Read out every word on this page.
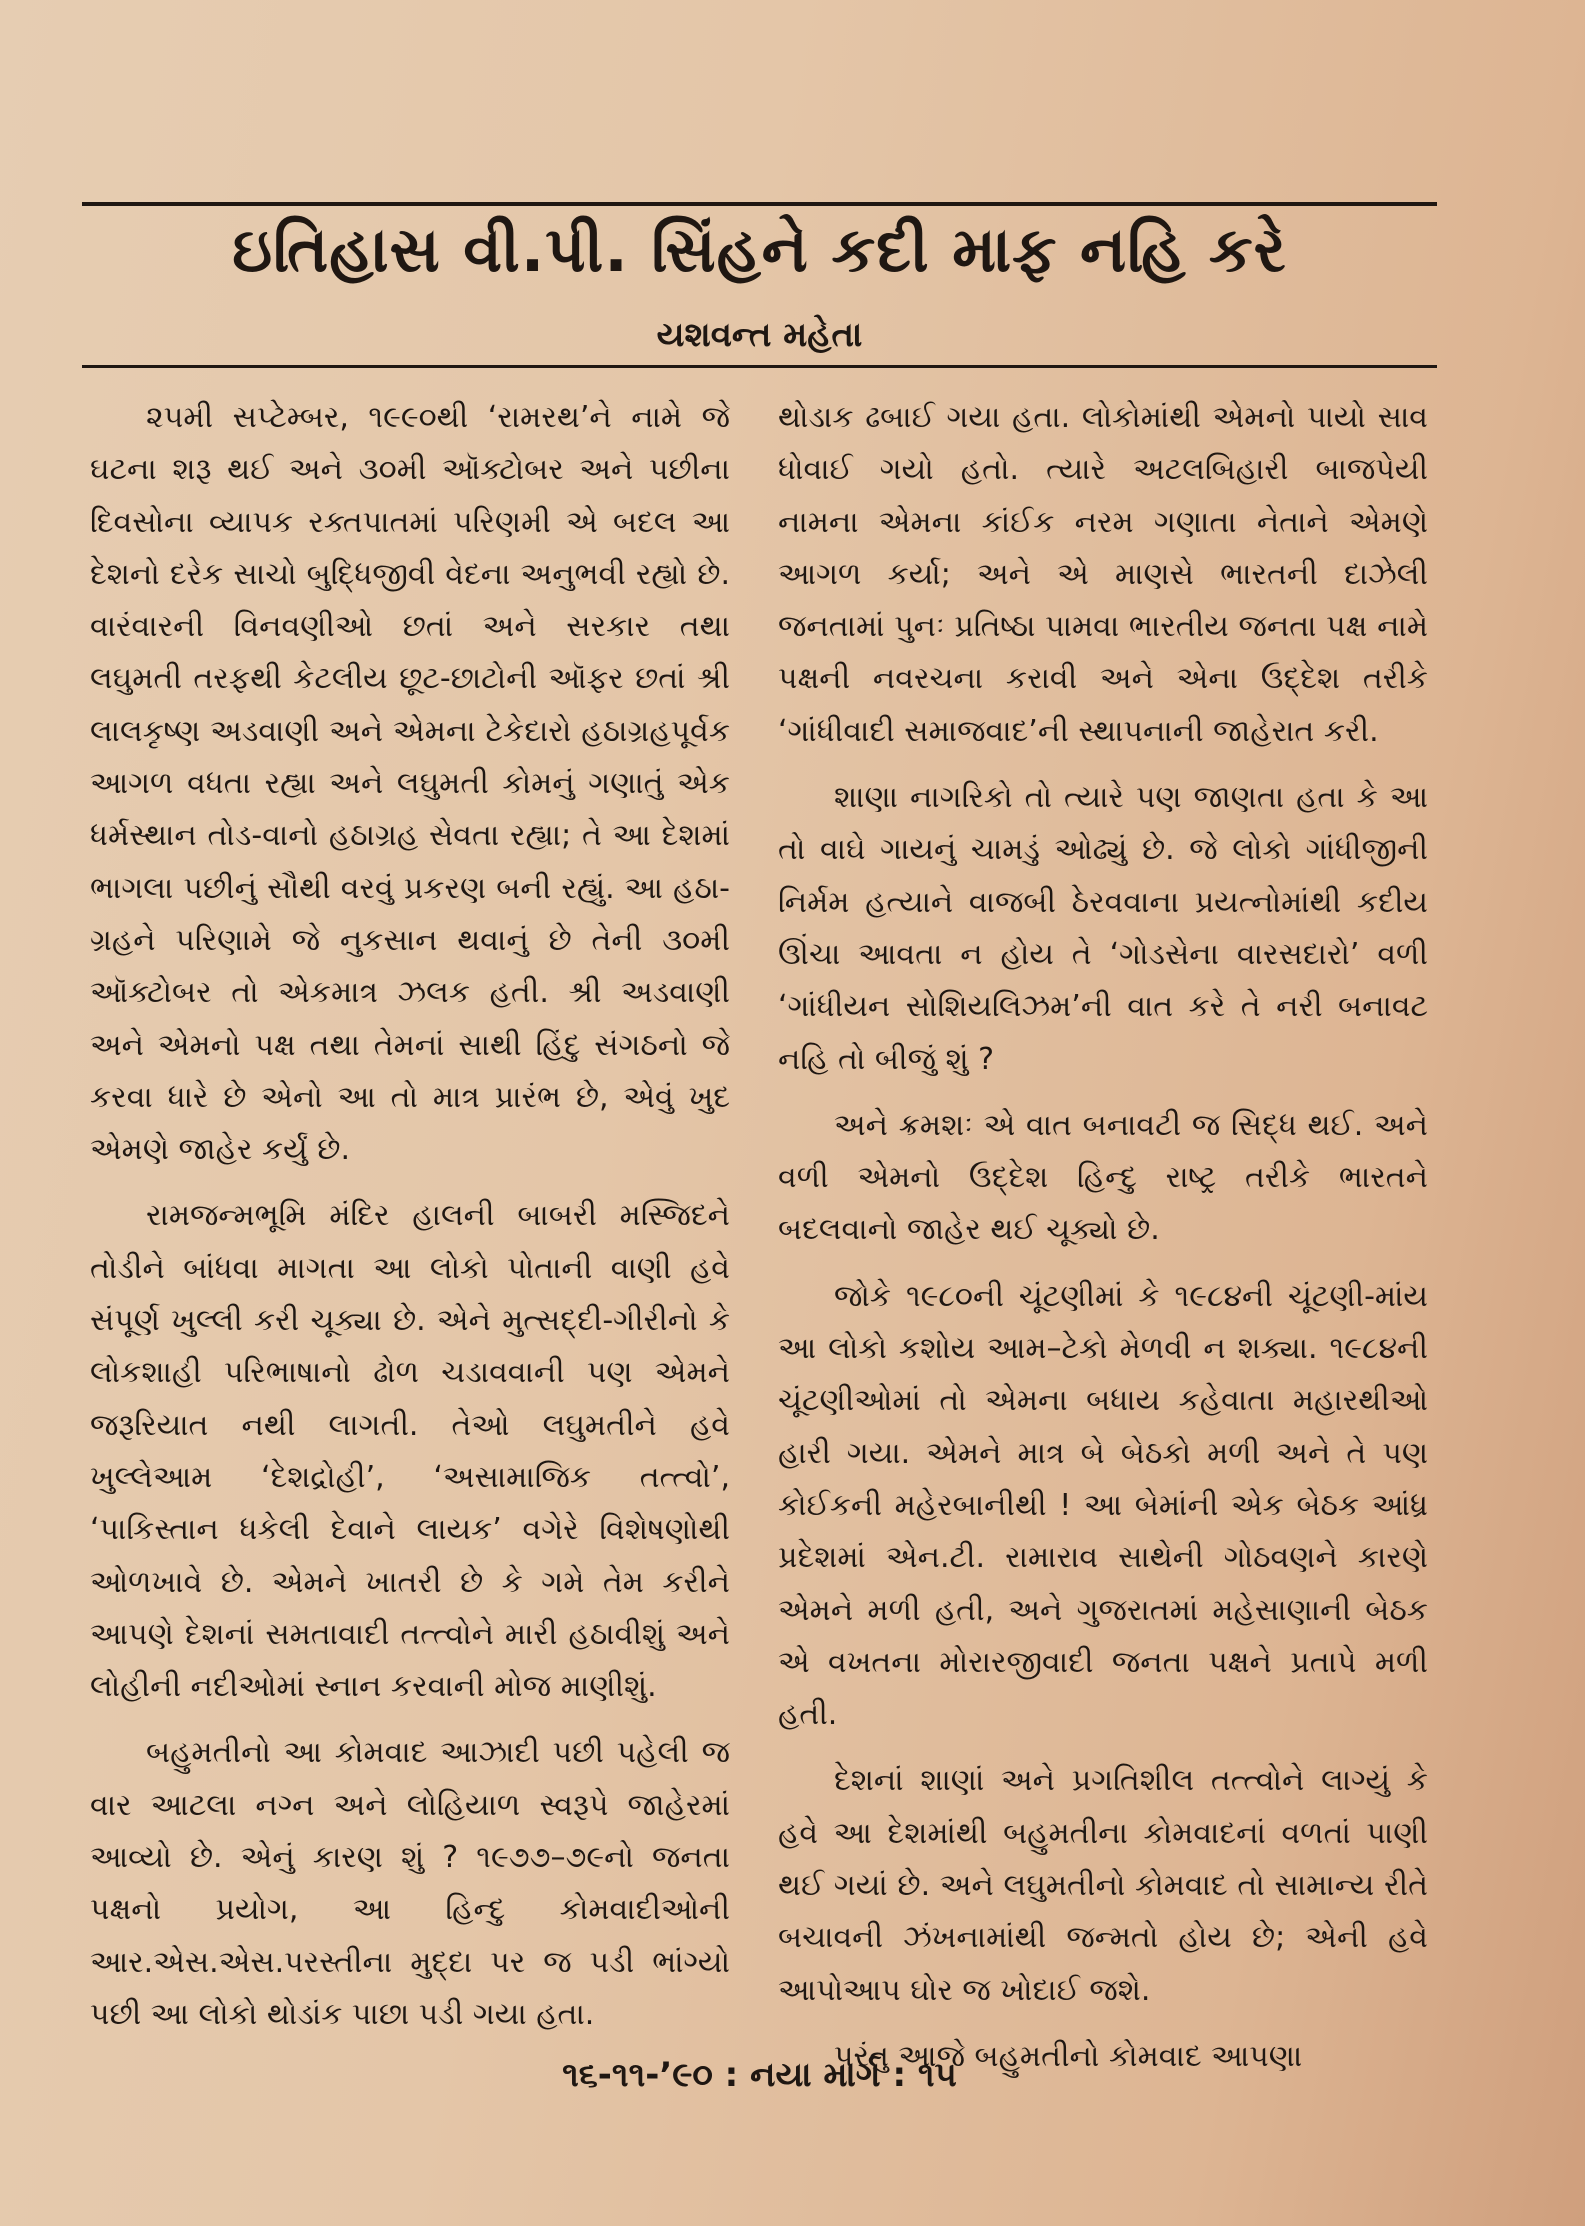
ઇતિહાસ વી.પી. સિંહને કદી માફ નહિ કરે
યશવન્ત મહેતા

૨૫મી સપ્ટેમ્બર, ૧૯૯૦થી ‘રામરથ’ને નામે જે ઘટના શરૂ થઈ અને ૩૦મી ઑક્ટોબર અને પછીના દિવસોના વ્યાપક રક્તપાતમાં પરિણમી એ બદલ આ દેશનો દરેક સાચો બુદ્ધિજીવી વેદના અનુભવી રહ્યો છે. વારંવારની વિનવણીઓ છતાં અને સરકાર તથા લઘુમતી તરફથી કેટલીય છૂટ-છાટોની ઑફર છતાં શ્રી લાલકૃષ્ણ અડવાણી અને એમના ટેકેદારો હઠાગ્રહપૂર્વક આગળ વધતા રહ્યા અને લઘુમતી કોમનું ગણાતું એક ધર્મસ્થાન તોડ-વાનો હઠાગ્રહ સેવતા રહ્યા; તે આ દેશમાં ભાગલા પછીનું સૌથી વરવું પ્રકરણ બની રહ્યું. આ હઠા-ગ્રહને પરિણામે જે નુકસાન થવાનું છે તેની ૩૦મી ઑક્ટોબર તો એકમાત્ર ઝલક હતી. શ્રી અડવાણી અને એમનો પક્ષ તથા તેમનાં સાથી હિંદુ સંગઠનો જે કરવા ધારે છે એનો આ તો માત્ર પ્રારંભ છે, એવું ખુદ એમણે જાહેર કર્યું છે.

રામજન્મભૂમિ મંદિર હાલની બાબરી મસ્જિદને તોડીને બાંધવા માગતા આ લોકો પોતાની વાણી હવે સંપૂર્ણ ખુલ્લી કરી ચૂક્યા છે. એને મુત્સદ્દી-ગીરીનો કે લોકશાહી પરિભાષાનો ઢોળ ચડાવવાની પણ એમને જરૂરિયાત નથી લાગતી. તેઓ લઘુમતીને હવે ખુલ્લેઆમ ‘દેશદ્રોહી’, ‘અસામાજિક તત્ત્વો’, ‘પાકિસ્તાન ધકેલી દેવાને લાયક’ વગેરે વિશેષણોથી ઓળખાવે છે. એમને ખાતરી છે કે ગમે તેમ કરીને આપણે દેશનાં સમતાવાદી તત્ત્વોને મારી હઠાવીશું અને લોહીની નદીઓમાં સ્નાન કરવાની મોજ માણીશું.

બહુમતીનો આ કોમવાદ આઝાદી પછી પહેલી જ વાર આટલા નગ્ન અને લોહિયાળ સ્વરૂપે જાહેરમાં આવ્યો છે. એનું કારણ શું ? ૧૯૭૭–૭૯નો જનતા પક્ષનો પ્રયોગ, આ હિન્દુ કોમવાદીઓની આર.એસ.એસ.પરસ્તીના મુદ્દા પર જ પડી ભાંગ્યો પછી આ લોકો થોડાંક પાછા પડી ગયા હતા.

થોડાક ઢબાઈ ગયા હતા. લોકોમાંથી એમનો પાયો સાવ ધોવાઈ ગયો હતો. ત્યારે અટલબિહારી બાજપેયી નામના એમના કાંઈક નરમ ગણાતા નેતાને એમણે આગળ કર્યા; અને એ માણસે ભારતની દાઝેલી જનતામાં પુનઃ પ્રતિષ્ઠા પામવા ભારતીય જનતા પક્ષ નામે પક્ષની નવરચના કરાવી અને એના ઉદ્દેશ તરીકે ‘ગાંધીવાદી સમાજવાદ’ની સ્થાપનાની જાહેરાત કરી.

શાણા નાગરિકો તો ત્યારે પણ જાણતા હતા કે આ તો વાઘે ગાયનું ચામડું ઓઢ્યું છે. જે લોકો ગાંધીજીની નિર્મમ હત્યાને વાજબી ઠેરવવાના પ્રયત્નોમાંથી કદીય ઊંચા આવતા ન હોય તે ‘ગોડસેના વારસદારો’ વળી ‘ગાંધીયન સોશિયલિઝમ’ની વાત કરે તે નરી બનાવટ નહિ તો બીજું શું ?

અને ક્રમશઃ એ વાત બનાવટી જ સિદ્ધ થઈ. અને વળી એમનો ઉદ્દેશ હિન્દુ રાષ્ટ્ર તરીકે ભારતને બદલવાનો જાહેર થઈ ચૂક્યો છે.

જોકે ૧૯૮૦ની ચૂંટણીમાં કે ૧૯૮૪ની ચૂંટણી-માંય આ લોકો કશોય આમ–ટેકો મેળવી ન શક્યા. ૧૯૮૪ની ચૂંટણીઓમાં તો એમના બધાય કહેવાતા મહારથીઓ હારી ગયા. એમને માત્ર બે બેઠકો મળી અને તે પણ કોઈકની મહેરબાનીથી ! આ બેમાંની એક બેઠક આંધ્ર પ્રદેશમાં એન.ટી. રામારાવ સાથેની ગોઠવણને કારણે એમને મળી હતી, અને ગુજરાતમાં મહેસાણાની બેઠક એ વખતના મોરારજીવાદી જનતા પક્ષને પ્રતાપે મળી હતી.

દેશનાં શાણાં અને પ્રગતિશીલ તત્ત્વોને લાગ્યું કે હવે આ દેશમાંથી બહુમતીના કોમવાદનાં વળતાં પાણી થઈ ગયાં છે. અને લઘુમતીનો કોમવાદ તો સામાન્ય રીતે બચાવની ઝંખનામાંથી જન્મતો હોય છે; એની હવે આપોઆપ ઘોર જ ખોદાઈ જશે.

પરંતુ આજે બહુમતીનો કોમવાદ આપણા

૧૬-૧૧-’૯૦ : નયા માર્ગ : ૧૫
